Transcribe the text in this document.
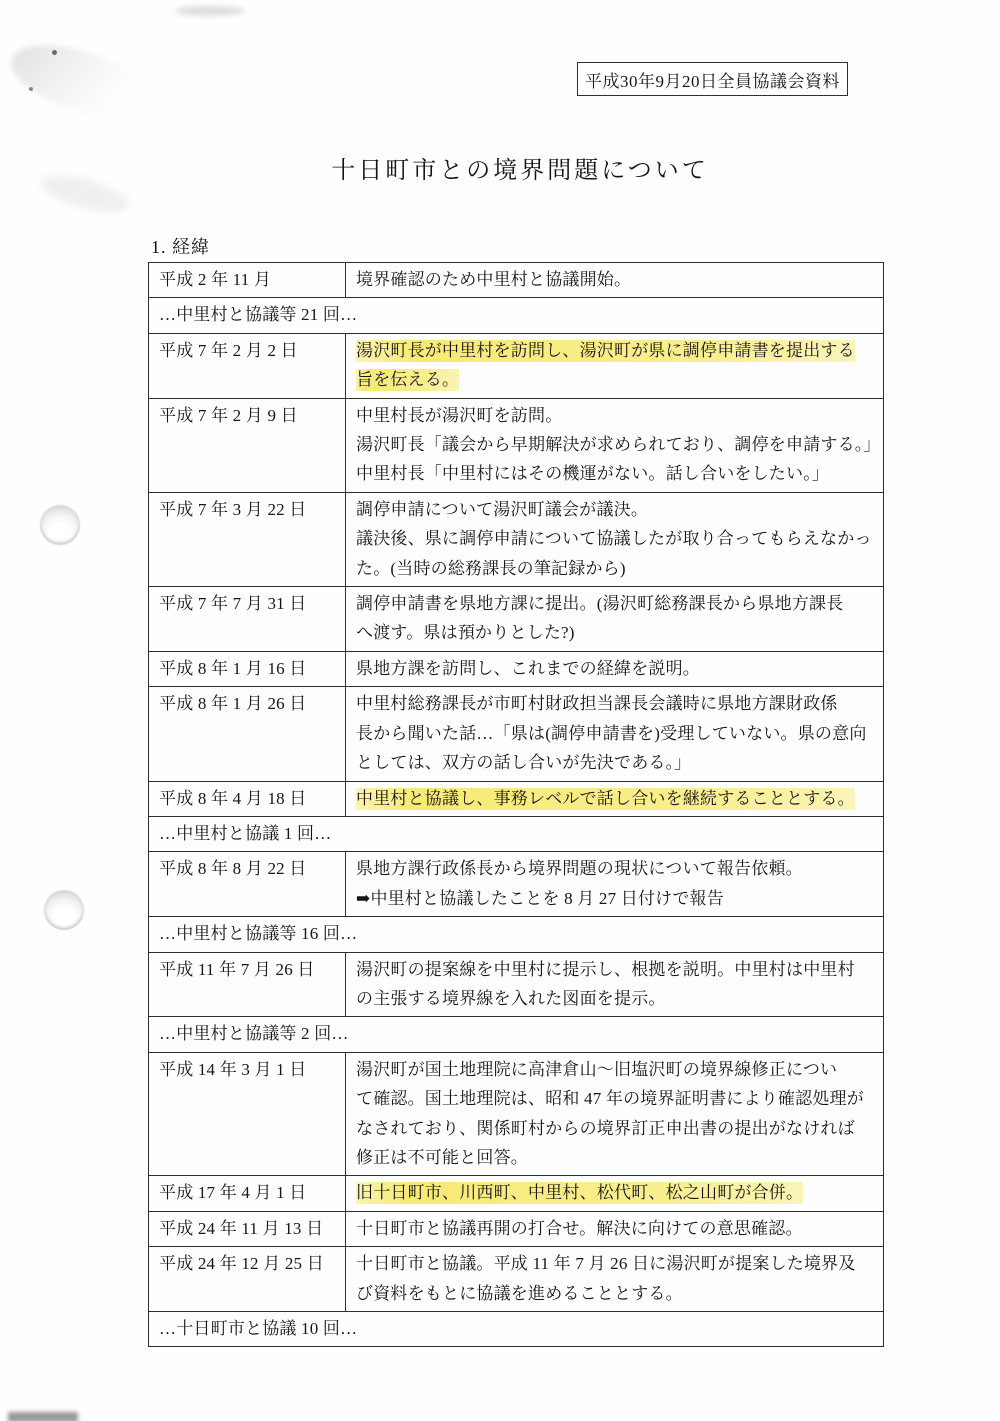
平成30年9月20日全員協議会資料
十日町市との境界問題について
1. 経緯
平成 2 年 11 月	境界確認のため中里村と協議開始。

…中里村と協議等 21 回…	
平成 7 年 2 月 2 日	湯沢町長が中里村を訪問し、湯沢町が県に調停申請書を提出する
旨を伝える。

平成 7 年 2 月 9 日	中里村長が湯沢町を訪問。
湯沢町長「議会から早期解決が求められており、調停を申請する。」
中里村長「中里村にはその機運がない。話し合いをしたい。」

平成 7 年 3 月 22 日	調停申請について湯沢町議会が議決。
議決後、県に調停申請について協議したが取り合ってもらえなかっ
た。(当時の総務課長の筆記録から)

平成 7 年 7 月 31 日	調停申請書を県地方課に提出。(湯沢町総務課長から県地方課長
へ渡す。県は預かりとした?)

平成 8 年 1 月 16 日	県地方課を訪問し、これまでの経緯を説明。

平成 8 年 1 月 26 日	中里村総務課長が市町村財政担当課長会議時に県地方課財政係
長から聞いた話…「県は(調停申請書を)受理していない。県の意向
としては、双方の話し合いが先決である。」

平成 8 年 4 月 18 日	中里村と協議し、事務レベルで話し合いを継続することとする。

…中里村と協議 1 回…	
平成 8 年 8 月 22 日	県地方課行政係長から境界問題の現状について報告依頼。
➡中里村と協議したことを 8 月 27 日付けで報告

…中里村と協議等 16 回…	
平成 11 年 7 月 26 日	湯沢町の提案線を中里村に提示し、根拠を説明。中里村は中里村
の主張する境界線を入れた図面を提示。

…中里村と協議等 2 回…	
平成 14 年 3 月 1 日	湯沢町が国土地理院に高津倉山〜旧塩沢町の境界線修正につい
て確認。国土地理院は、昭和 47 年の境界証明書により確認処理が
なされており、関係町村からの境界訂正申出書の提出がなければ
修正は不可能と回答。

平成 17 年 4 月 1 日	旧十日町市、川西町、中里村、松代町、松之山町が合併。

平成 24 年 11 月 13 日	十日町市と協議再開の打合せ。解決に向けての意思確認。

平成 24 年 12 月 25 日	十日町市と協議。平成 11 年 7 月 26 日に湯沢町が提案した境界及
び資料をもとに協議を進めることとする。

…十日町市と協議 10 回…	
